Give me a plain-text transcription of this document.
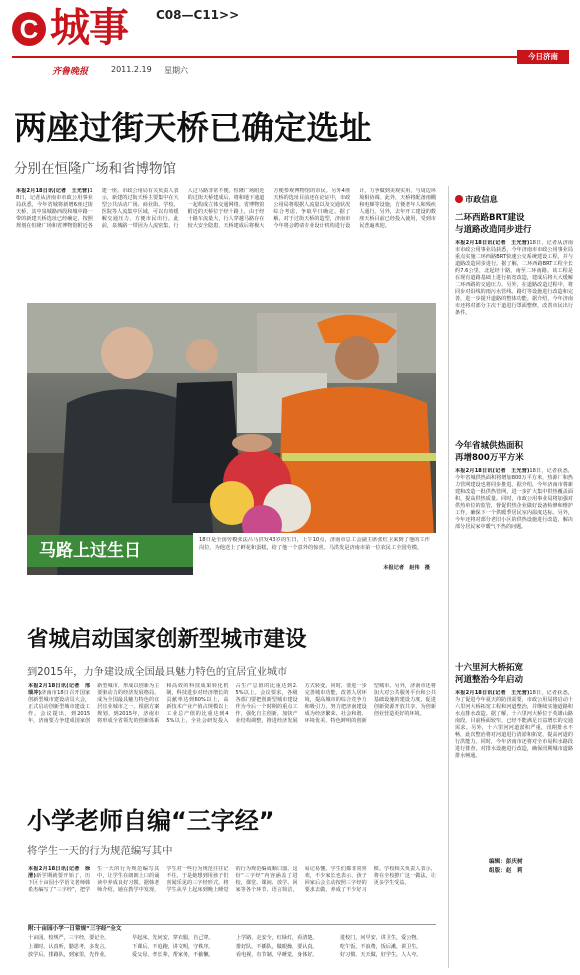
C 城事 C08—C11>>
齐鲁晚报	2011.2.19 星期六
今日济南
两座过街天桥已确定选址
分别在恒隆广场和省博物馆
本报2月18日讯(记者　王光营)18日，记者从济南市市政公用事业局获悉，今年省城将新增6座过街天桥，其中泉城路西段和城中路一带的新建天桥选址已经确定，按照规划在恒隆广场和省博物馆附近各建一座。市政公用局有关负责人表示，新建的过街天桥主要集中在大型公共活动广场、商业街、学校、医院等人流集中区域，可以有效缓解交通压力，方便市民出行。此前，泉城路一带因为人流密集，行人过马路非常不便。恒隆广场附近的过街天桥建成后，将和地下通道一起构成立体交通网络。省博物馆附近的天桥位于经十路上，由于经十路车流量大，行人穿越马路存在较大安全隐患，天桥建成后将极大方便参观博物馆的市民。另外4座天桥的选址目前还在论证中，市政公用局将根据人流量以及交通状况综合考虑，争取早日确定。据了解，对于过街天桥的造型，济南市今年将会聘请专业设计机构进行设计，力争做到美观实用，与周边环境相协调。此外，天桥将配备雨棚和电梯等设施，方便老年人和残疾人通行。另外，去年开工建设的数座天桥目前已经投入使用，受到市民普遍欢迎。
马路上过生日
18日是全国劳模张法吕马洪发43岁的生日，上午10点，济南市总工会副主席张红卫来到了他的工作岗位，为他送上了鲜花和蛋糕，给了他一个意外的惊喜。马洪发是济南市第一位农民工全国劳模。
本报记者　赵伟　摄
省城启动国家创新型城市建设
到2015年，力争建设成全国最具魅力特色的宜居宜业城市
本报2月18日讯(记者　邢瑞冲)济南市18日召开国家创新型城市建设动员大会，正式启动创新型城市建设工作。会议提出，到2015年，济南要力争建成国家创新型城市，形成以创新为主要驱动力的经济发展格局，成为全国最具魅力特色的宜居宜业城市之一。根据方案规划，到2015年，济南市将形成全省领先的创新体系和高效的科技成果转化机制，科技进步对经济增长的贡献率达到60%以上，高新技术产业产值占规模以上工业总产值的比重达到45%以上，全社会研发投入占生产总值的比重达到2.5%以上。会议要求，各级各部门要把创新型城市建设作为今后一个时期的重点工作，强化自主创新，加快产业结构调整，推进经济发展方式转变。同时，要进一步完善城市功能，改善人居环境，提高城市的综合竞争力和吸引力，努力把济南建设成为经济繁荣、社会和谐、环境优美、特色鲜明的创新型城市。另外，济南市还将加大对公共服务平台和公共基础设施的建设力度，促进创新资源开放共享，为创新创业营造更好的环境。
小学老师自编“三字经”
将学生一天的行为规范编写其中
本报2月18日讯(记者　徐清)新学期就要开始了，历下区十亩园小学语文老师韩希杰编写了“三字经”，把学生一天的行为规范编写其中，让学生在朗朗上口的诵读中养成良好习惯。据韩老师介绍，她在教学中发现，学生对一些行为规范往往记不住，于是她想到用孩子们喜闻乐见的三字经形式，将学生从早上起床到晚上睡觉的行为规范编成顺口溜。这份“三字经”内容涵盖了进校、课堂、课间、放学、回家等各个环节，语言简洁，易记易懂。学生们都非常喜欢，不少家长也表示，孩子回家后会主动按照三字经的要求去做，养成了不少好习惯。学校相关负责人表示，将在全校推广这一做法，让更多学生受益。
附:十亩园小学一日常规“三字经”全文
十亩园，校规严，三字经，要记全。	早起床，先问安，穿衣服，自己穿。	上学路，走安全，红绿灯，看清楚。	进校门，问早安，讲卫生，爱公物。
上课时，认真听，勤思考，多发言。	下课后，不追跑，讲文明，守秩序。	排好队，不插队，做眼操，要认真。	吃午饭，不浪费，饭后漱，讲卫生。
放学后，排路队，到家里，先作业。	爱父母，孝长辈，帮家务，不偷懒。	看电视，有节制，早睡觉，身体好。	好习惯，天天做，好学生，人人夸。
市政信息
二环西路BRT建设
与道路改造同步进行
本报2月18日讯(记者　王光营)18日，记者从济南市市政公用事业局获悉，今年济南市市政公用事业局重点实施二环西路BRT快速公交系统建设工程，并与道路改造同步进行。据了解，二环西路BRT工程全长约7.6公里，北起经十路，南至二环南路。该工程是在现有道路基础上进行拓宽改造，建成后将大大缓解二环西路的交通压力。另外，在道路改造过程中，将同步对沿线的雨污水管线、路灯等设施进行改造和完善，进一步提升道路的整体功能。据介绍，今年济南市还将对部分主次干道进行罩面整修，改善市民出行条件。
今年省城供热面积
再增800万平方米
本报2月18日讯(记者　王光营)18日，记者获悉，今年省城供热面积将增加800万平方米，热源厂和热力管网建设也将同步推进。据介绍，今年济南市将新建和改造一批供热管网，进一步扩大集中供热覆盖面积，提高供热质量。同时，市政公用事业局将加强对供热单位的监管，督促供热企业做好设备检修和维护工作，确保下一个供暖季居民室内温度达标。另外，今年还将对部分老旧小区的供热设施进行改造，解决部分居民家中暖气不热的问题。
十六里河大桥拓宽
河道整治今年启动
本报2月18日讯(记者　王光营)18日，记者获悉，为了促进今年夏天的防汛需要，市政公用局将启动十六里河大桥拓宽工程和河道整治，并继续实施道路积水点排水改造。据了解，十六里河大桥位于英雄山路南段，目前桥面较窄，已经不能满足日益增长的交通需求。另外，十六里河河道淤积严重，汛期排水不畅，此次整治将对河道进行清淤和拓宽，提高河道的行洪能力。同时，今年济南市还将对全市易积水路段进行排查，对排水设施进行改造，确保汛期城市道路排水畅通。
编辑：彭庆树
组版：赵　莉
